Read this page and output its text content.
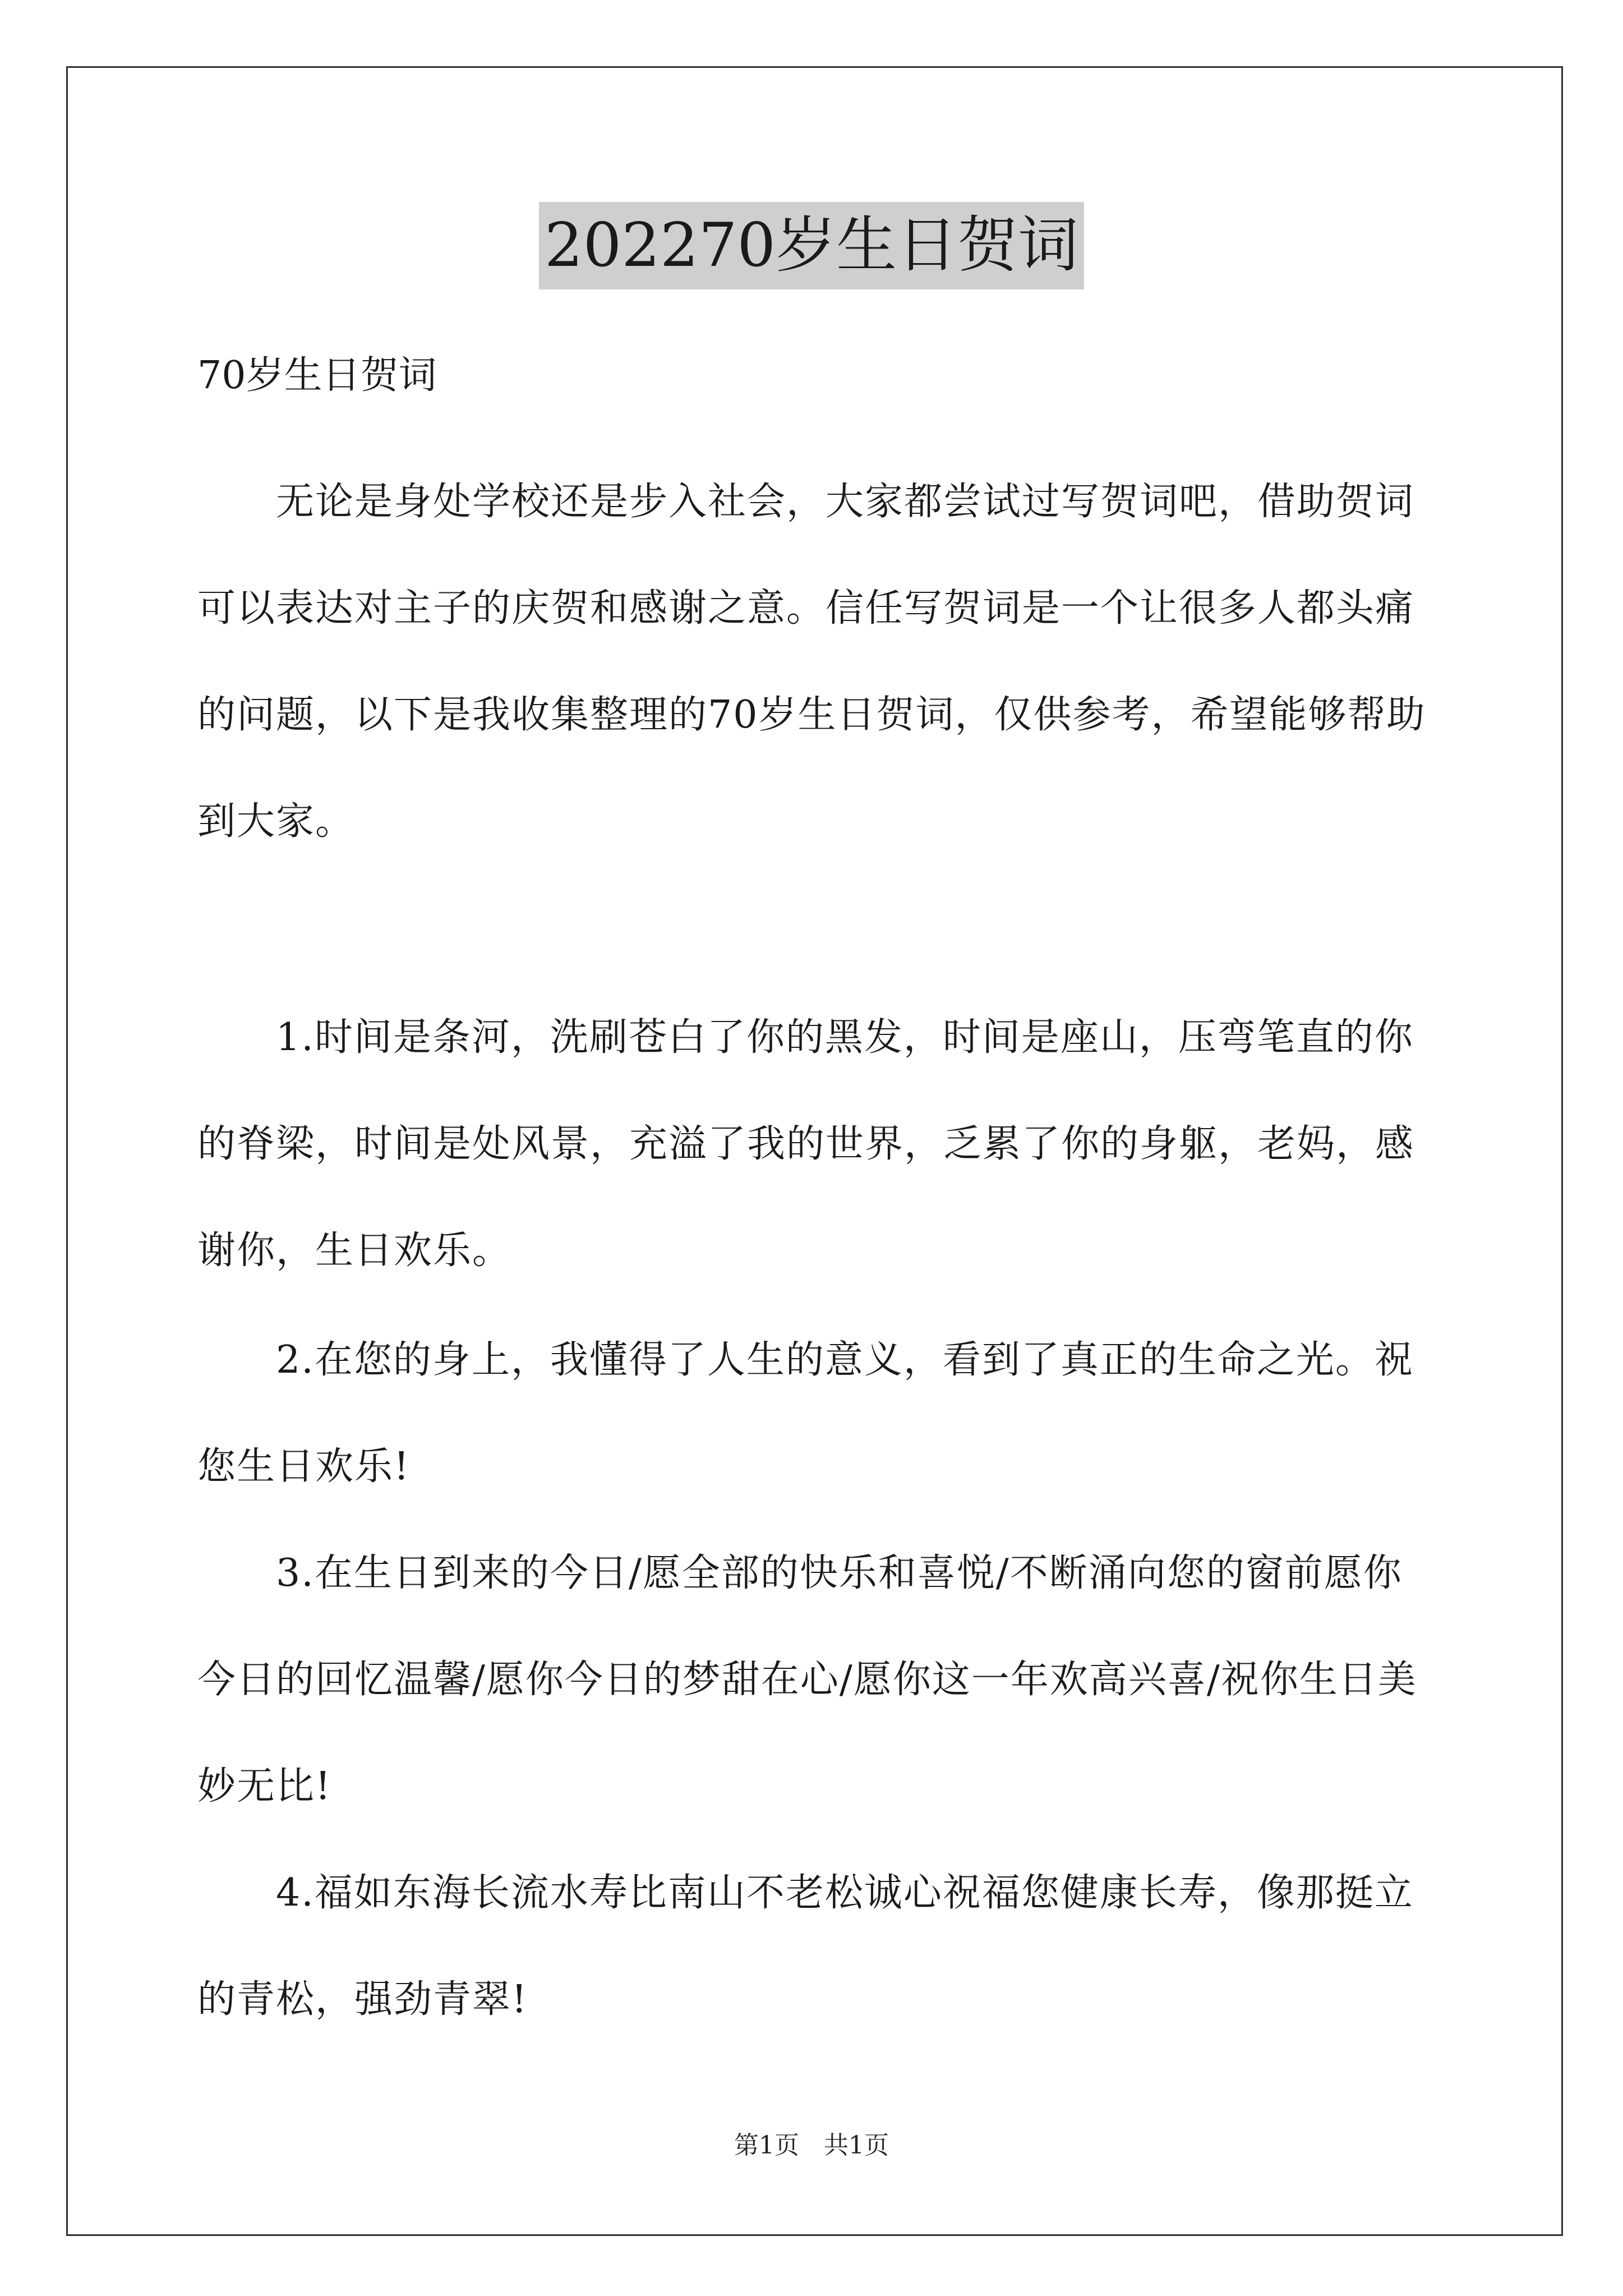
202270岁生日贺词

70岁生日贺词

无论是身处学校还是步入社会，大家都尝试过写贺词吧，借助贺词可以表达对主子的庆贺和感谢之意。信任写贺词是一个让很多人都头痛的问题，以下是我收集整理的70岁生日贺词，仅供参考，希望能够帮助到大家。

1.时间是条河，洗刷苍白了你的黑发，时间是座山，压弯笔直的你的脊梁，时间是处风景，充溢了我的世界，乏累了你的身躯，老妈，感谢你，生日欢乐。

2.在您的身上，我懂得了人生的意义，看到了真正的生命之光。祝您生日欢乐!

3.在生日到来的今日/愿全部的快乐和喜悦/不断涌向您的窗前愿你今日的回忆温馨/愿你今日的梦甜在心/愿你这一年欢高兴喜/祝你生日美妙无比!

4.福如东海长流水寿比南山不老松诚心祝福您健康长寿，像那挺立的青松，强劲青翠!

第1页　共1页
